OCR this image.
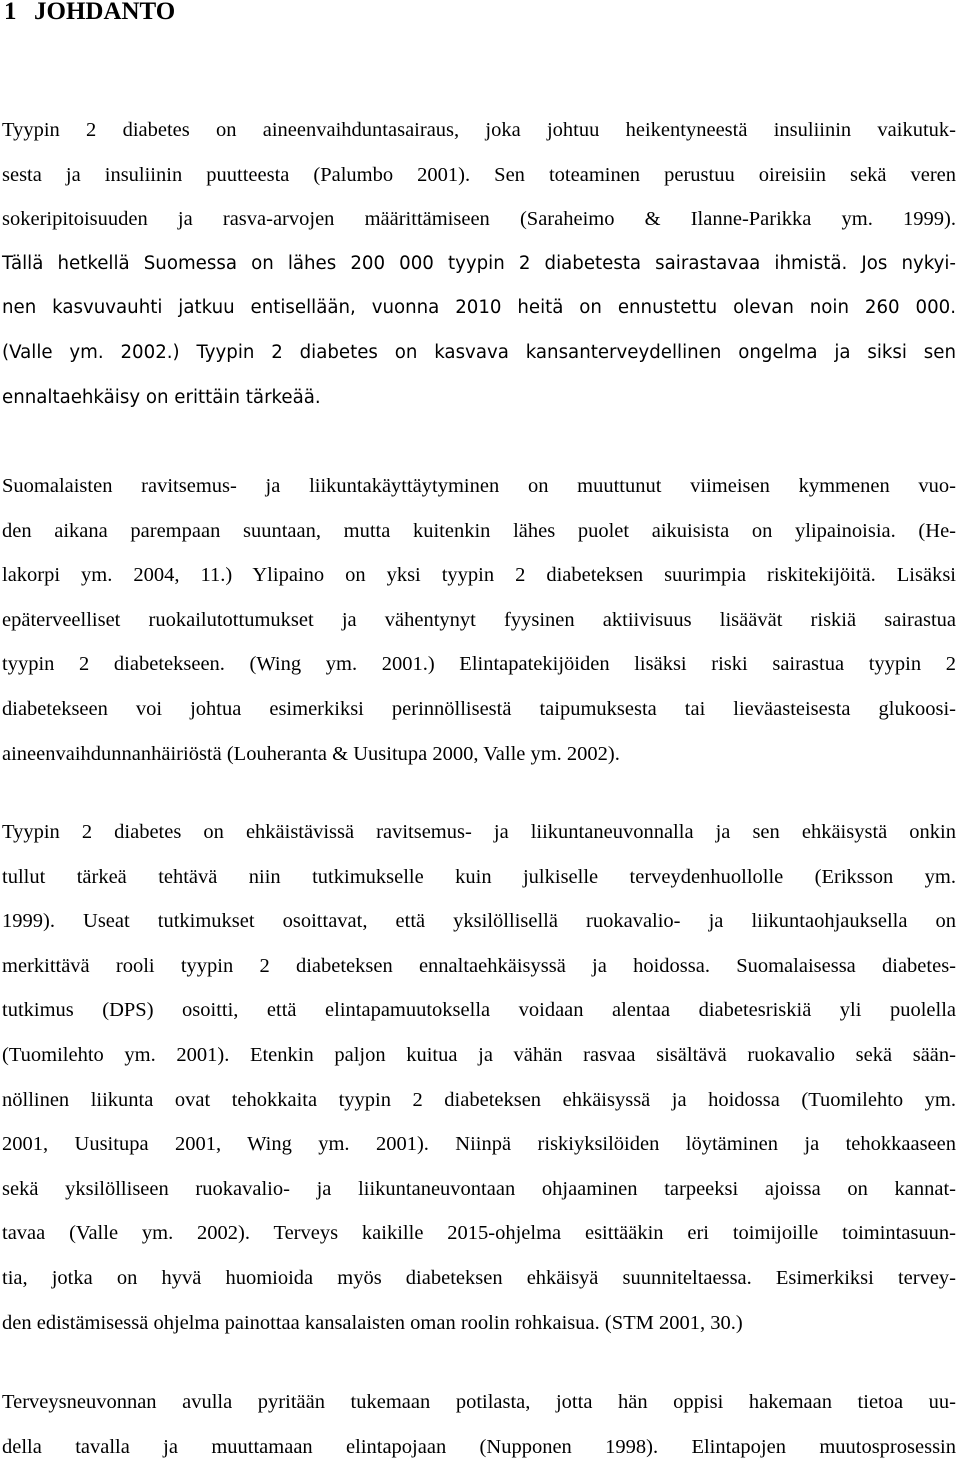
1 JOHDANTO
Tyypin 2 diabetes on aineenvaihduntasairaus, joka johtuu heikentyneestä insuliinin vaikutuk-
sesta ja insuliinin puutteesta (Palumbo 2001). Sen toteaminen perustuu oireisiin sekä veren
sokeripitoisuuden ja rasva-arvojen määrittämiseen (Saraheimo & Ilanne-Parikka ym. 1999).
Tällä hetkellä Suomessa on lähes 200 000 tyypin 2 diabetesta sairastavaa ihmistä. Jos nykyi-
nen kasvuvauhti jatkuu entisellään, vuonna 2010 heitä on ennustettu olevan noin 260 000.
(Valle ym. 2002.) Tyypin 2 diabetes on kasvava kansanterveydellinen ongelma ja siksi sen
ennaltaehkäisy on erittäin tärkeää.
Suomalaisten ravitsemus- ja liikuntakäyttäytyminen on muuttunut viimeisen kymmenen vuo-
den aikana parempaan suuntaan, mutta kuitenkin lähes puolet aikuisista on ylipainoisia. (He-
lakorpi ym. 2004, 11.) Ylipaino on yksi tyypin 2 diabeteksen suurimpia riskitekijöitä. Lisäksi
epäterveelliset ruokailutottumukset ja vähentynyt fyysinen aktiivisuus lisäävät riskiä sairastua
tyypin 2 diabetekseen. (Wing ym. 2001.) Elintapatekijöiden lisäksi riski sairastua tyypin 2
diabetekseen voi johtua esimerkiksi perinnöllisestä taipumuksesta tai lieväasteisesta glukoosi-
aineenvaihdunnanhäiriöstä (Louheranta & Uusitupa 2000, Valle ym. 2002).
Tyypin 2 diabetes on ehkäistävissä ravitsemus- ja liikuntaneuvonnalla ja sen ehkäisystä onkin
tullut tärkeä tehtävä niin tutkimukselle kuin julkiselle terveydenhuollolle (Eriksson ym.
1999). Useat tutkimukset osoittavat, että yksilöllisellä ruokavalio- ja liikuntaohjauksella on
merkittävä rooli tyypin 2 diabeteksen ennaltaehkäisyssä ja hoidossa. Suomalaisessa diabetes-
tutkimus (DPS) osoitti, että elintapamuutoksella voidaan alentaa diabetesriskiä yli puolella
(Tuomilehto ym. 2001). Etenkin paljon kuitua ja vähän rasvaa sisältävä ruokavalio sekä sään-
nöllinen liikunta ovat tehokkaita tyypin 2 diabeteksen ehkäisyssä ja hoidossa (Tuomilehto ym.
2001, Uusitupa 2001, Wing ym. 2001). Niinpä riskiyksilöiden löytäminen ja tehokkaaseen
sekä yksilölliseen ruokavalio- ja liikuntaneuvontaan ohjaaminen tarpeeksi ajoissa on kannat-
tavaa (Valle ym. 2002). Terveys kaikille 2015-ohjelma esittääkin eri toimijoille toimintasuun-
tia, jotka on hyvä huomioida myös diabeteksen ehkäisyä suunniteltaessa. Esimerkiksi tervey-
den edistämisessä ohjelma painottaa kansalaisten oman roolin rohkaisua. (STM 2001, 30.)
Terveysneuvonnan avulla pyritään tukemaan potilasta, jotta hän oppisi hakemaan tietoa uu-
della tavalla ja muuttamaan elintapojaan (Nupponen 1998). Elintapojen muutosprosessin
